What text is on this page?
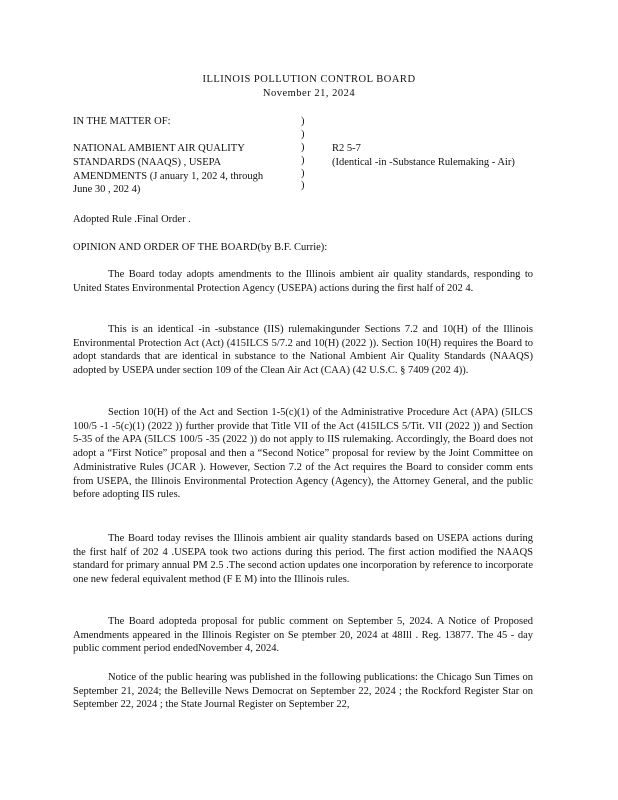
ILLINOIS POLLUTION CONTROL BOARD
November 21, 2024
IN THE MATTER OF:
NATIONAL AMBIENT AIR QUALITY
STANDARDS (NAAQS) , USEPA
AMENDMENTS (J anuary 1, 202 4, through
June 30 , 202 4)
)
)
)
)
)
)
R2 5-7
(Identical -in -Substance Rulemaking - Air)
Adopted Rule .Final Order .
OPINION AND ORDER OF THE BOARD(by B.F. Currie):

The Board today adopts amendments to the Illinois ambient air quality standards, responding to United States Environmental Protection Agency (USEPA) actions during the first half of 202 4.

This is an identical -in -substance (IIS) rulemakingunder Sections 7.2 and 10(H) of the Illinois Environmental Protection Act (Act) (415ILCS 5/7.2 and 10(H) (2022 )). Section 10(H) requires the Board to adopt standards that are identical in substance to the National Ambient Air Quality Standards (NAAQS) adopted by USEPA under section 109 of the Clean Air Act (CAA) (42 U.S.C. § 7409 (202 4)).

Section 10(H) of the Act and Section 1-5(c)(1) of the Administrative Procedure Act (APA) (5ILCS 100/5 -1 -5(c)(1) (2022 )) further provide that Title VII of the Act (415ILCS 5/Tit. VII (2022 )) and Section 5-35 of the APA (5ILCS 100/5 -35 (2022 )) do not apply to IIS rulemaking. Accordingly, the Board does not adopt a “First Notice” proposal and then a “Second Notice” proposal for review by the Joint Committee on Administrative Rules (JCAR ). However, Section 7.2 of the Act requires the Board to consider comm ents from USEPA, the Illinois Environmental Protection Agency (Agency), the Attorney General, and the public before adopting IIS rules.

The Board today revises the Illinois ambient air quality standards based on USEPA actions during the first half of 202 4 .USEPA took two actions during this period. The first action modified the NAAQS standard for primary annual PM 2.5 .The second action updates one incorporation by reference to incorporate one new federal equivalent method (F E M) into the Illinois rules.

The Board adopteda proposal for public comment on September 5, 2024. A Notice of Proposed Amendments appeared in the Illinois Register on Se ptember 20, 2024 at 48Ill . Reg. 13877. The 45 - day public comment period endedNovember 4, 2024.

Notice of the public hearing was published in the following publications: the Chicago Sun Times on September 21, 2024; the Belleville News Democrat on September 22, 2024 ; the Rockford Register Star on September 22, 2024 ; the State Journal Register on September 22,
